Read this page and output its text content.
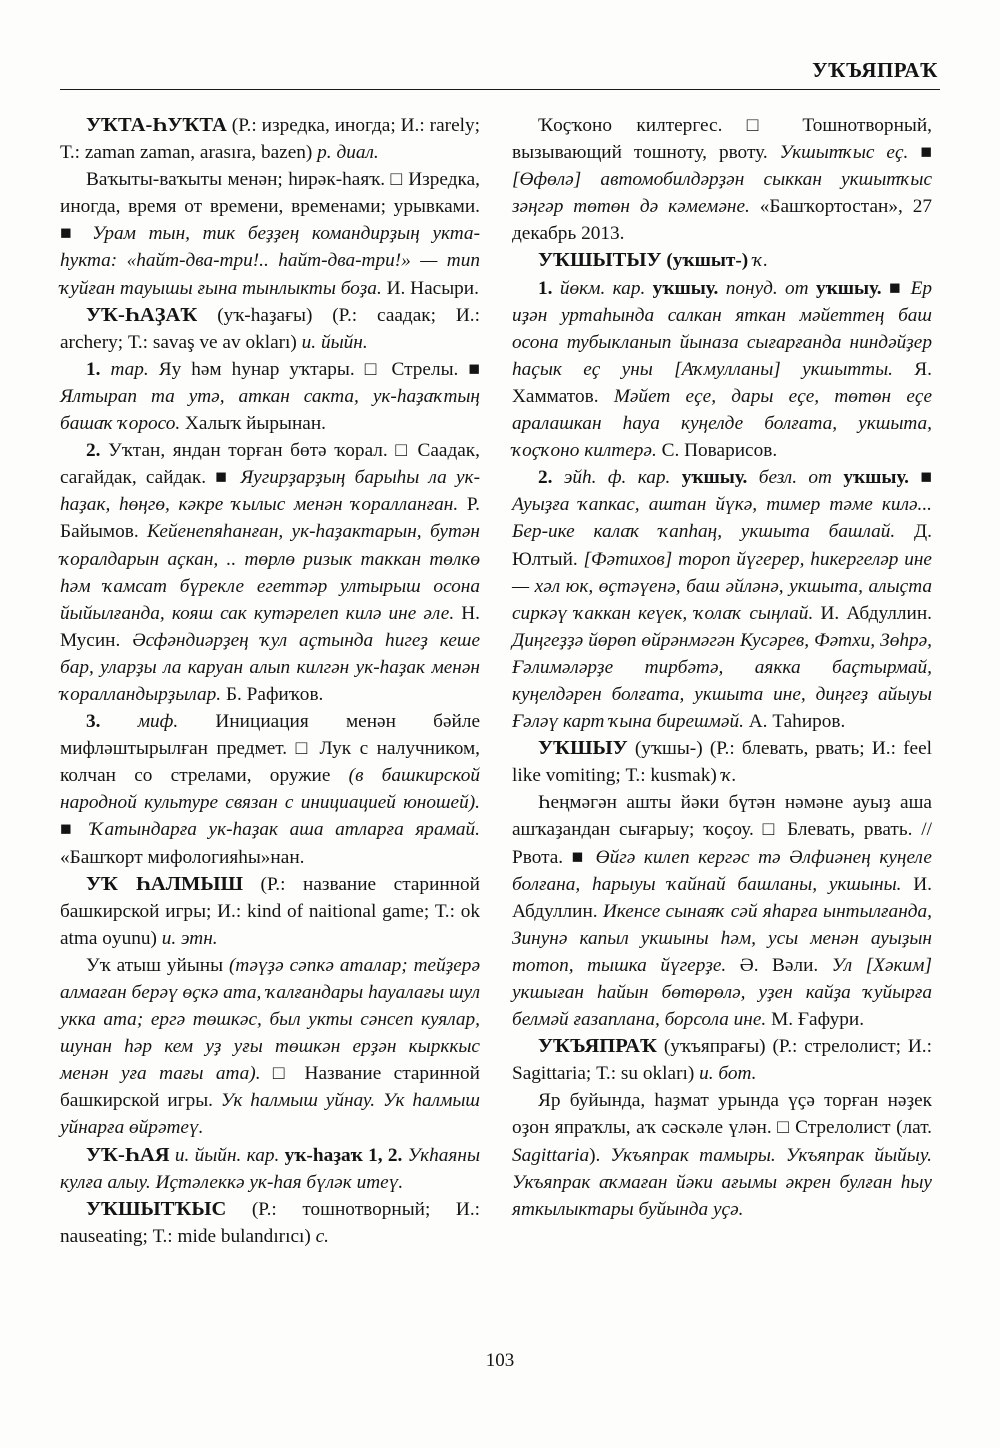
УҠЪЯПРАҠ

УҠТА-ҺУҠТА (Р.: изредка, иногда; И.: rarely; Т.: zaman zaman, arasıra, bazen) р. диал.

Ваҡыты-ваҡыты менән; һирәк-һаяҡ. □ Изредка, иногда, время от времени, временами; урывками. ■ Урам тын, тик беҙҙең командирҙың укта-һукта: «һайт-два-три!.. һайт-два-три!» — тип ҡуйған тауышы ғына тынлыкты боҙа. И. Насыри.

УҠ-ҺАҘАҠ (уҡ-һаҙағы) (Р.: саадак; И.: archery; Т.: savaş ve av okları) и. йыйн.

1. тар. Яу һәм һунар уҡтары. □ Стрелы. ■ Ялтырап та утә, аткан сакта, ук-һаҙаҡтың башаҡ ҡоросо. Халыҡ йырынан.

2. Уҡтан, яндан торған бөтә ҡорал. □ Саадак, сагайдак, сайдак. ■ Яугирҙарҙың барыһы ла ук-һаҙак, һөңгө, кәкре ҡылыс менән ҡоралланған. Р. Байымов. Кейенепяһанған, ук-һаҙактарын, бутән ҡоралдарын аҫкан, .. төрлө ризык таккан төлкө һәм ҡамсат бүрекле егеттәр ултырыш осона йыйылғанда, кояш сак кутәрелеп килә ине әле. Н. Мусин. Әсфәндиәрҙең ҡул аҫтында һигеҙ кеше бар, уларҙы ла каруан алып килгән ук-һаҙак менән ҡоралландырҙылар. Б. Рафиҡов.

3. миф. Инициация менән бәйле мифләштырылған предмет. □ Лук с налучником, колчан со стрелами, оружие (в башкирской народной культуре связан с инициацией юношей). ■ Ҡатындарға ук-һаҙак аша атларға ярамай. «Башҡорт мифологияһы»нан.

УҠ ҺАЛМЫШ (Р.: название старинной башкирской игры; И.: kind of naitional game; Т.: ok atma oyunu) и. этн.

Уҡ атыш уйыны (тәүҙә сәпкә аталар; тейҙерә алмаған берәү өҫкә ата, ҡалғандары һауалағы шул укка ата; ергә төшкәс, был укты сәнсеп куялар, шунан һәр кем уҙ уғы төшкән ерҙән кырккыс менән уға тағы ата). □ Название старинной башкирской игры. Ук һалмыш уйнау. Ук һалмыш уйнарға өйрәтеү.

УҠ-ҺАЯ и. йыйн. кар. уҡ-һаҙаҡ 1, 2. Укһаяны кулға алыу. Иҫтәлеккә ук-һая бүләк итеү.

УҠШЫТҠЫС (Р.: тошнотворный; И.: nauseating; Т.: mide bulandırıcı) с.

Ҡоҫҡоно килтергес. □ Тошнотворный, вызывающий тошноту, рвоту. Укшытҡыс еҫ. ■ [Өфөлә] автомобилдәрҙән сыккан укшытҡыс зәңгәр төтөн дә кәмемәне. «Башҡортостан», 27 декабрь 2013.

УҠШЫТЫУ (уҡшыт-) ҡ.

1. йөкм. кар. уҡшыу. понуд. от уҡшыу. ■ Ер иҙән уртаһында салкан яткан мәйеттең баш осона тубыкланып йыназа сығарғанда ниндәйҙер һаҫык еҫ уны [Аҡмулланы] укшытты. Я. Хамматов. Мәйет еҫе, дары еҫе, төтөн еҫе аралашкан һауа куңелде болғата, укшыта, ҡоҫҡоно килтерә. С. Поварисов.

2. эйһ. ф. кар. уҡшыу. безл. от уҡшыу. ■ Ауыҙға ҡапкас, аштан йүкә, тимер тәме килә... Бер-ике калаҡ ҡапһаң, укшыта башлай. Д. Юлтый. [Фәтихов] тороп йүгерер, һикергеләр ине — хәл юк, өҫтәүенә, баш әйләнә, укшыта, алыҫта сиркәү ҡаккан кеүек, ҡолаҡ сыңлай. И. Абдуллин. Диңгеҙҙә йөрөп өйрәнмәгән Кусәрев, Фәтхи, Зөһрә, Ғәлимәләрҙе тирбәтә, аякка баҫтырмай, куңелдәрен болғата, укшыта ине, диңгеҙ айыуы Ғәләү карт ҡына бирешмәй. А. Таһиров.

УҠШЫУ (уҡшы-) (Р.: блевать, рвать; И.: feel like vomiting; Т.: kusmak) ҡ.

Һеңмәгән ашты йәки бүтән нәмәне ауыҙ аша ашҡаҙандан сығарыу; ҡоҫоу. □ Блевать, рвать. // Рвота. ■ Өйгә килеп кергәс тә Әлфиәнең куңеле болғана, һарыуы ҡайнай башланы, укшыны. И. Абдуллин. Икенсе сынаяҡ сәй яһарға ынтылғанда, Зинунә капыл укшыны һәм, усы менән ауыҙын тотоп, тышка йүгерҙе. Ә. Вәли. Ул [Хәким] укшыған һайын бөтөрөлә, уҙен кайҙа ҡуйырға белмәй ғазаплана, борсола ине. М. Ғафури.

УҠЪЯПРАҠ (уҡъяпрағы) (Р.: стрелолист; И.: Sagittaria; Т.: su okları) и. бот.

Яр буйында, һаҙмат урында үҫә торған нәҙек оҙон япраҡлы, аҡ сәскәле үлән. □ Стрелолист (лат. Sagittaria). Укъяпрак тамыры. Укъяпрак йыйыу. Укъяпрак аҡмаған йәки ағымы әкрен булған һыу яткылыктары буйында уҫә.

103
